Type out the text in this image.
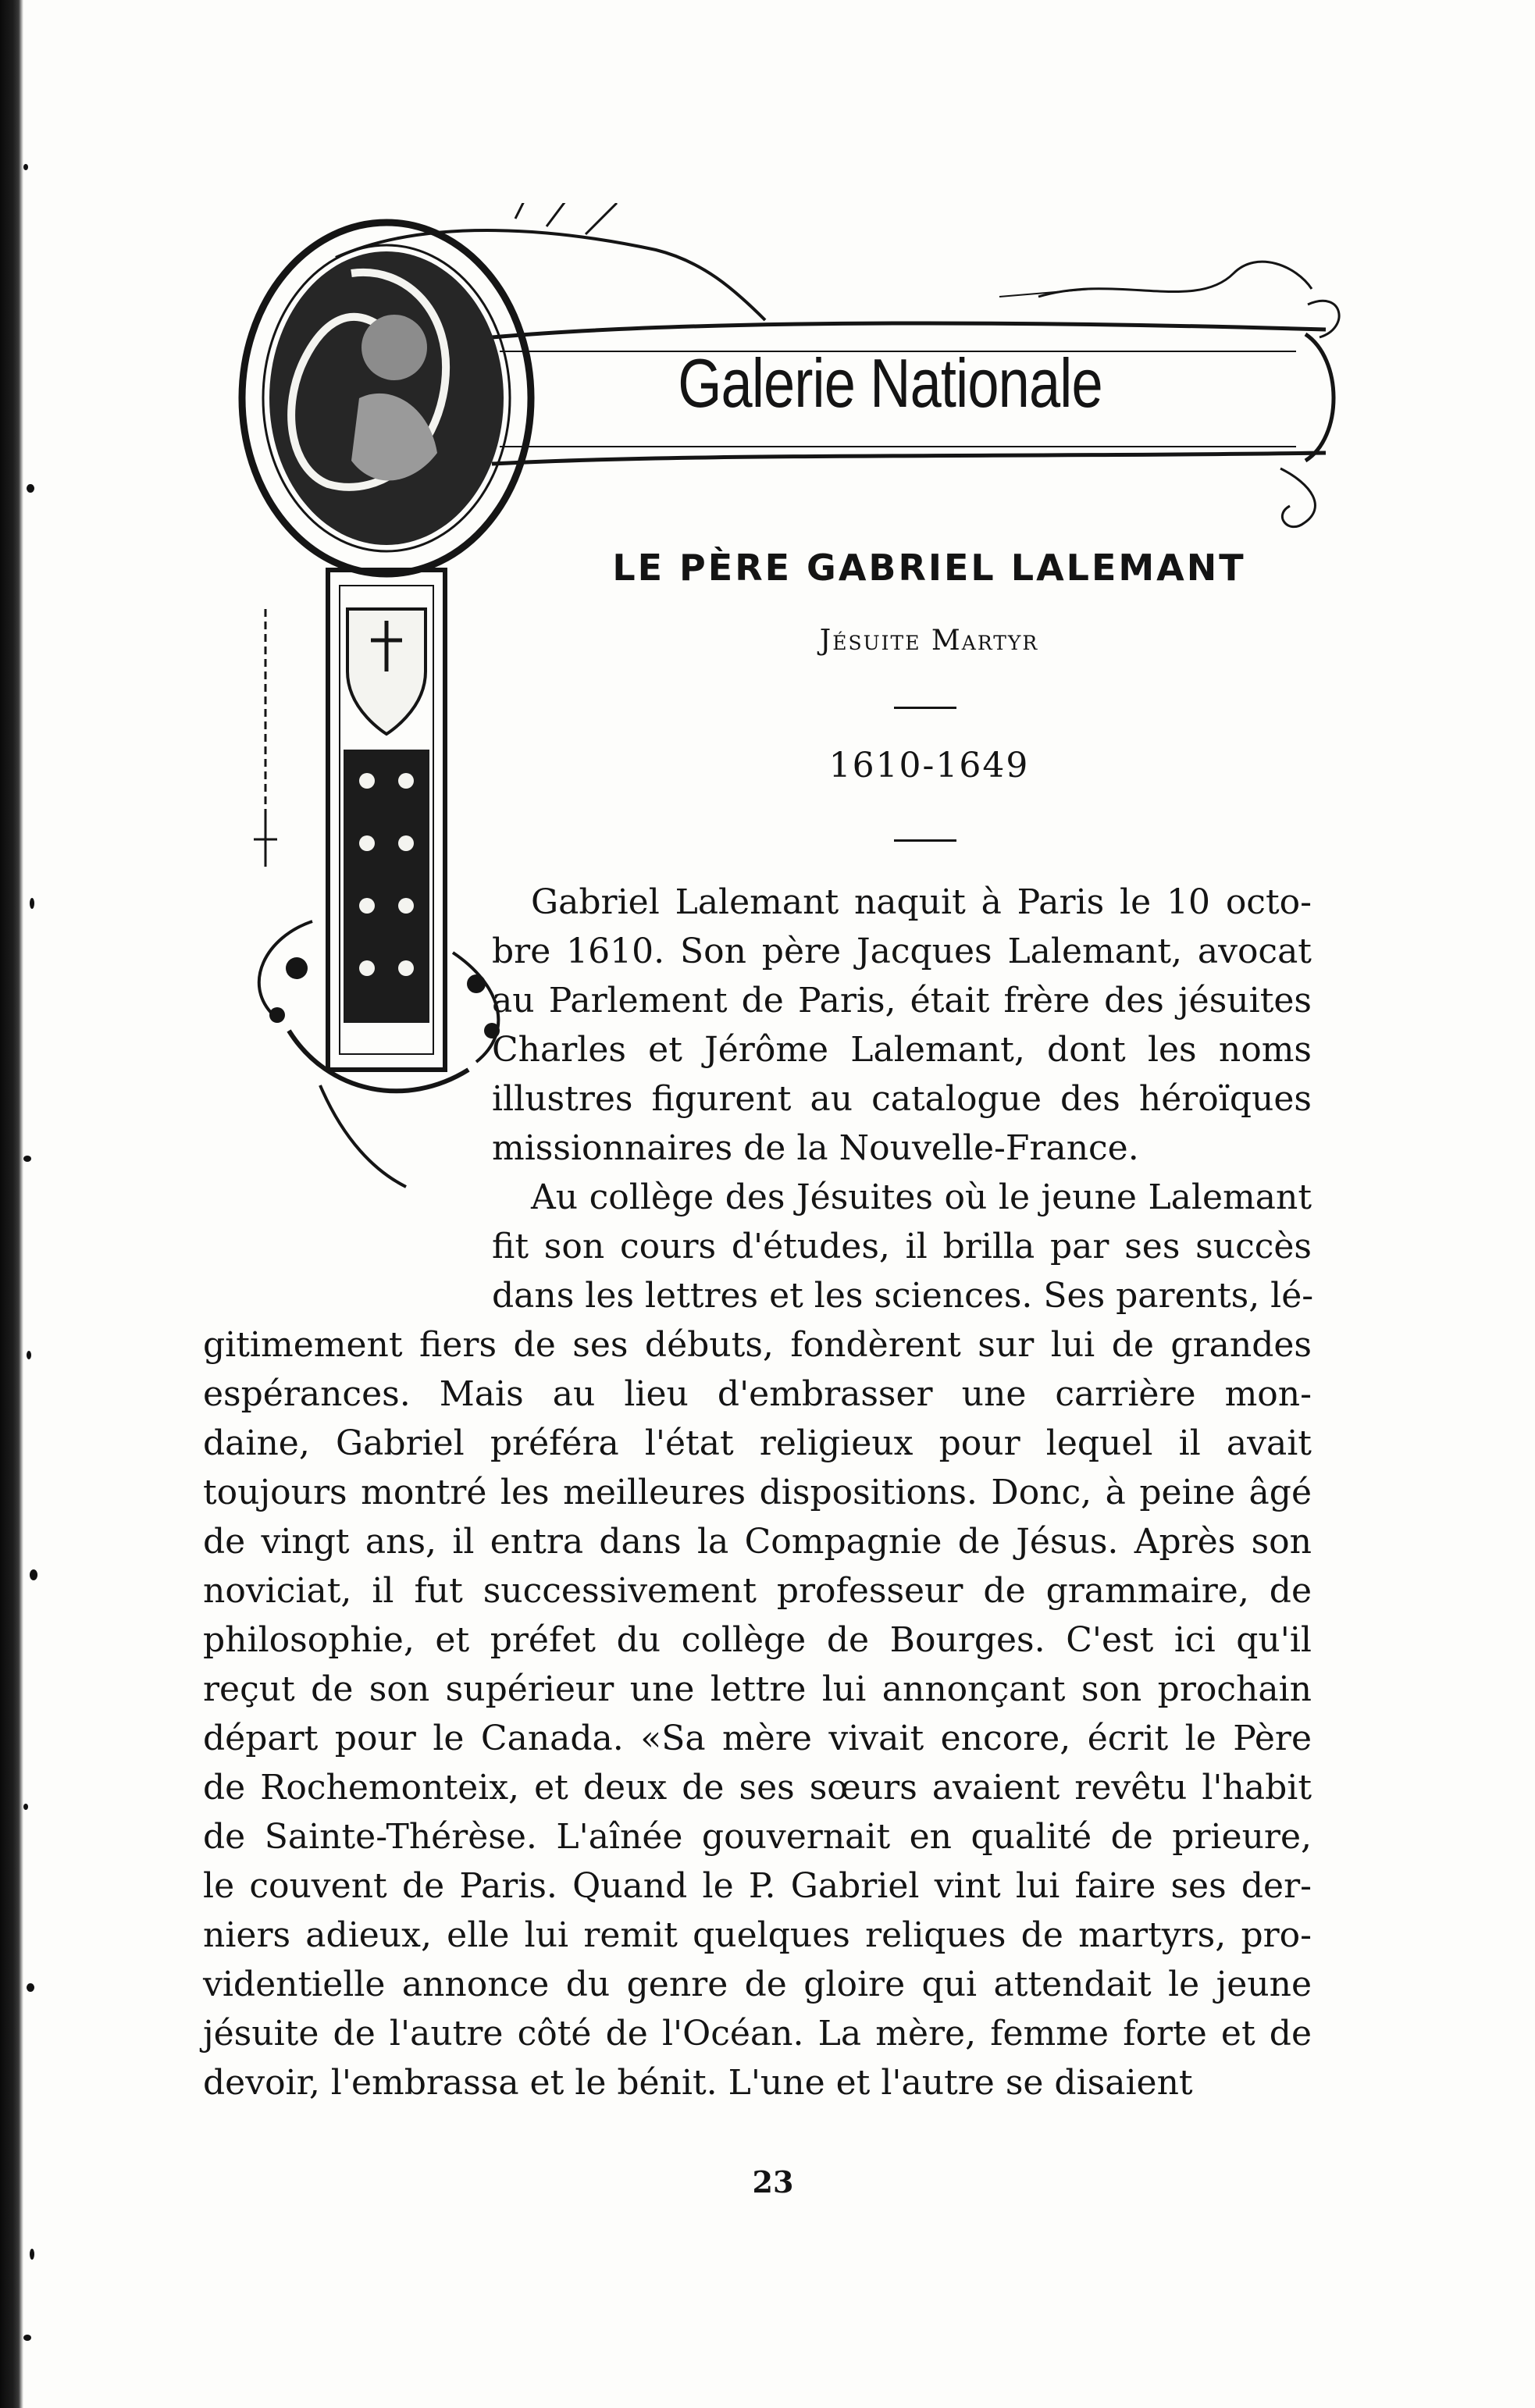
Galerie Nationale
LE PÈRE GABRIEL LALEMANT
Jésuite Martyr
1610-1649
Gabriel Lalemant naquit à Paris le 10 octo-
bre 1610. Son père Jacques Lalemant, avocat
au Parlement de Paris, était frère des jésuites
Charles et Jérôme Lalemant, dont les noms
illustres figurent au catalogue des héroïques
missionnaires de la Nouvelle-France.
Au collège des Jésuites où le jeune Lalemant
fit son cours d'études, il brilla par ses succès
dans les lettres et les sciences. Ses parents, lé-
gitimement fiers de ses débuts, fondèrent sur lui de grandes
espérances. Mais au lieu d'embrasser une carrière mon-
daine, Gabriel préféra l'état religieux pour lequel il avait
toujours montré les meilleures dispositions. Donc, à peine âgé
de vingt ans, il entra dans la Compagnie de Jésus. Après son
noviciat, il fut successivement professeur de grammaire, de
philosophie, et préfet du collège de Bourges. C'est ici qu'il
reçut de son supérieur une lettre lui annonçant son prochain
départ pour le Canada. «Sa mère vivait encore, écrit le Père
de Rochemonteix, et deux de ses sœurs avaient revêtu l'habit
de Sainte-Thérèse. L'aînée gouvernait en qualité de prieure,
le couvent de Paris. Quand le P. Gabriel vint lui faire ses der-
niers adieux, elle lui remit quelques reliques de martyrs, pro-
videntielle annonce du genre de gloire qui attendait le jeune
jésuite de l'autre côté de l'Océan. La mère, femme forte et de
devoir, l'embrassa et le bénit. L'une et l'autre se disaient
23
